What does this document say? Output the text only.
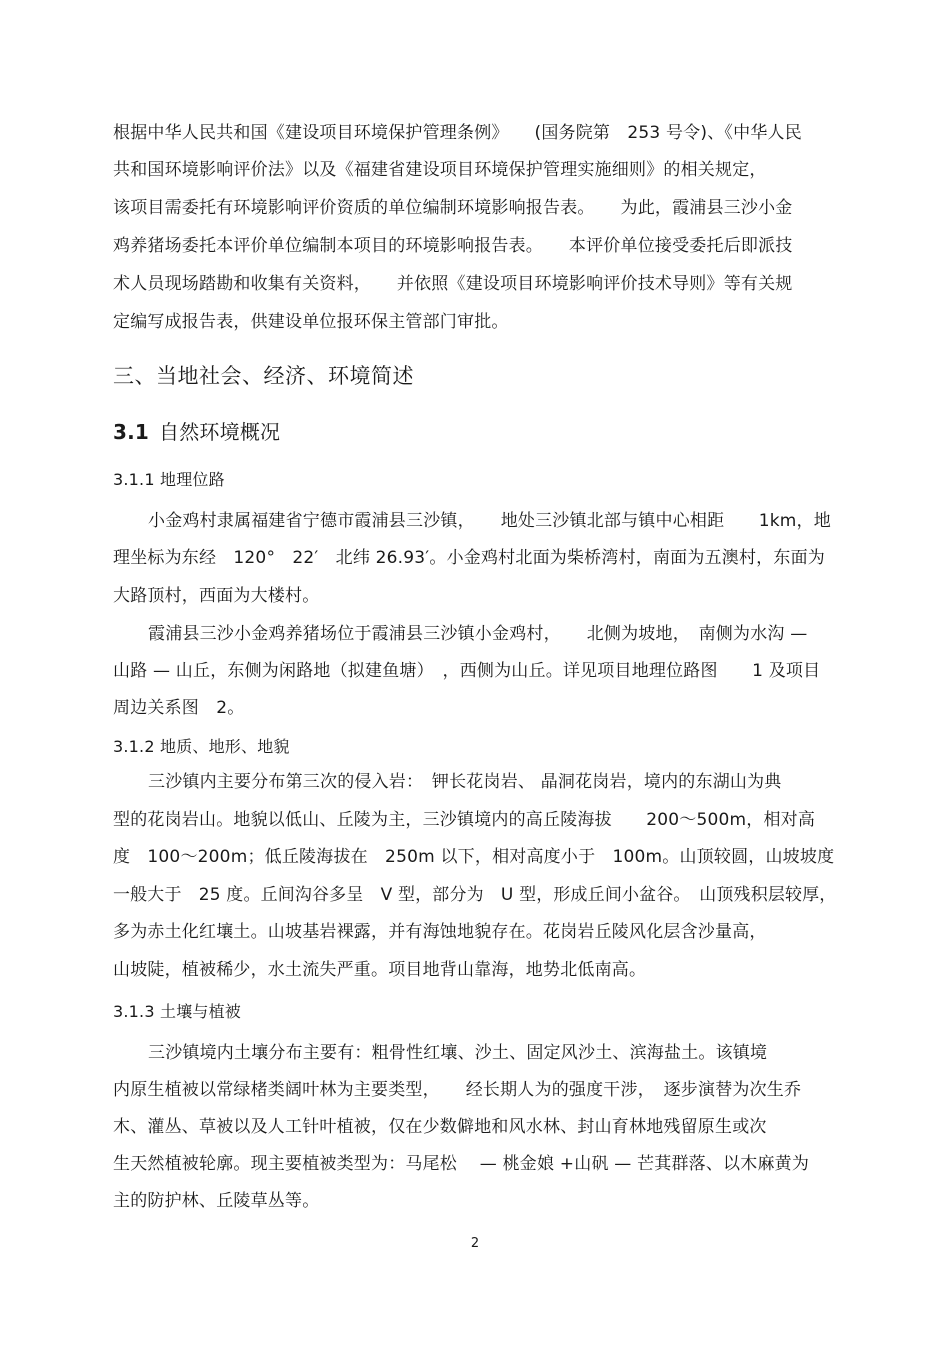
根据中华人民共和国《建设项目环境保护管理条例》　　(国务院第　253 号令)、《中华人民
共和国环境影响评价法》以及《福建省建设项目环境保护管理实施细则》的相关规定，
该项目需委托有环境影响评价资质的单位编制环境影响报告表。　　为此，霞浦县三沙小金
鸡养猪场委托本评价单位编制本项目的环境影响报告表。　　本评价单位接受委托后即派技
术人员现场踏勘和收集有关资料，　　并依照《建设项目环境影响评价技术导则》等有关规
定编写成报告表，供建设单位报环保主管部门审批。
三、当地社会、经济、环境简述
3.1 自然环境概况
3.1.1 地理位路
小金鸡村隶属福建省宁德市霞浦县三沙镇，　　地处三沙镇北部与镇中心相距　　1km，地
理坐标为东经　120°　22′　北纬 26.93′。小金鸡村北面为柴桥湾村，南面为五澳村，东面为
大路顶村，西面为大楼村。
霞浦县三沙小金鸡养猪场位于霞浦县三沙镇小金鸡村，　　北侧为坡地，　南侧为水沟 —
山路 — 山丘，东侧为闲路地（拟建鱼塘）　，西侧为山丘。详见项目地理位路图　　1 及项目
周边关系图　2。
3.1.2 地质、地形、地貌
三沙镇内主要分布第三次的侵入岩：　钾长花岗岩、 晶洞花岗岩，境内的东湖山为典
型的花岗岩山。地貌以低山、丘陵为主，三沙镇境内的高丘陵海拔　　200～500m，相对高
度　100～200m；低丘陵海拔在　250m 以下，相对高度小于　100m。山顶较圆，山坡坡度
一般大于　25 度。丘间沟谷多呈　V 型，部分为　U 型，形成丘间小盆谷。　山顶残积层较厚，
多为赤土化红壤土。山坡基岩裸露，并有海蚀地貌存在。花岗岩丘陵风化层含沙量高，
山坡陡，植被稀少，水土流失严重。项目地背山靠海，地势北低南高。
3.1.3 土壤与植被
三沙镇境内土壤分布主要有：粗骨性红壤、沙土、固定风沙土、滨海盐土。该镇境
内原生植被以常绿楮类阔叶林为主要类型，　　经长期人为的强度干涉，　逐步演替为次生乔
木、灌丛、草被以及人工针叶植被，仅在少数僻地和风水林、封山育林地残留原生或次
生天然植被轮廓。现主要植被类型为：马尾松　 — 桃金娘 +山矾 — 芒萁群落、以木麻黄为
主的防护林、丘陵草丛等。
2
